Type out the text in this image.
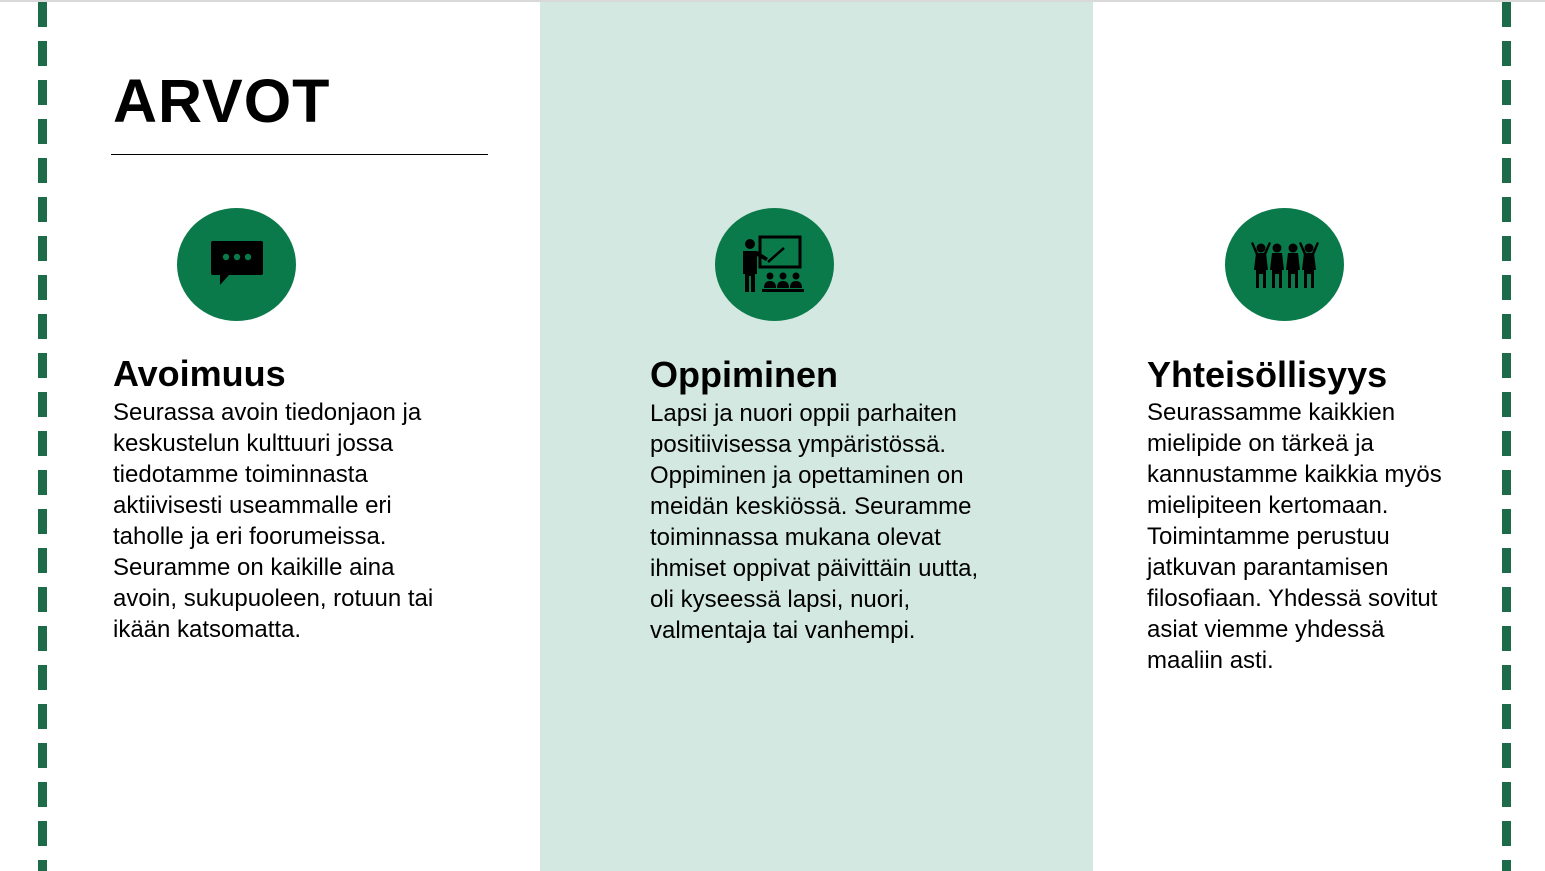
ARVOT
Avoimuus

Seurassa avoin tiedonjaon ja
keskustelun kulttuuri jossa
tiedotamme toiminnasta
aktiivisesti useammalle eri
taholle ja eri foorumeissa.
Seuramme on kaikille aina
avoin, sukupuoleen, rotuun tai
ikään katsomatta.

Oppiminen

Lapsi ja nuori oppii parhaiten
positiivisessa ympäristössä.
Oppiminen ja opettaminen on
meidän keskiössä. Seuramme
toiminnassa mukana olevat
ihmiset oppivat päivittäin uutta,
oli kyseessä lapsi, nuori,
valmentaja tai vanhempi.

Yhteisöllisyys

Seurassamme kaikkien
mielipide on tärkeä ja
kannustamme kaikkia myös
mielipiteen kertomaan.
Toimintamme perustuu
jatkuvan parantamisen
filosofiaan. Yhdessä sovitut
asiat viemme yhdessä
maaliin asti.
